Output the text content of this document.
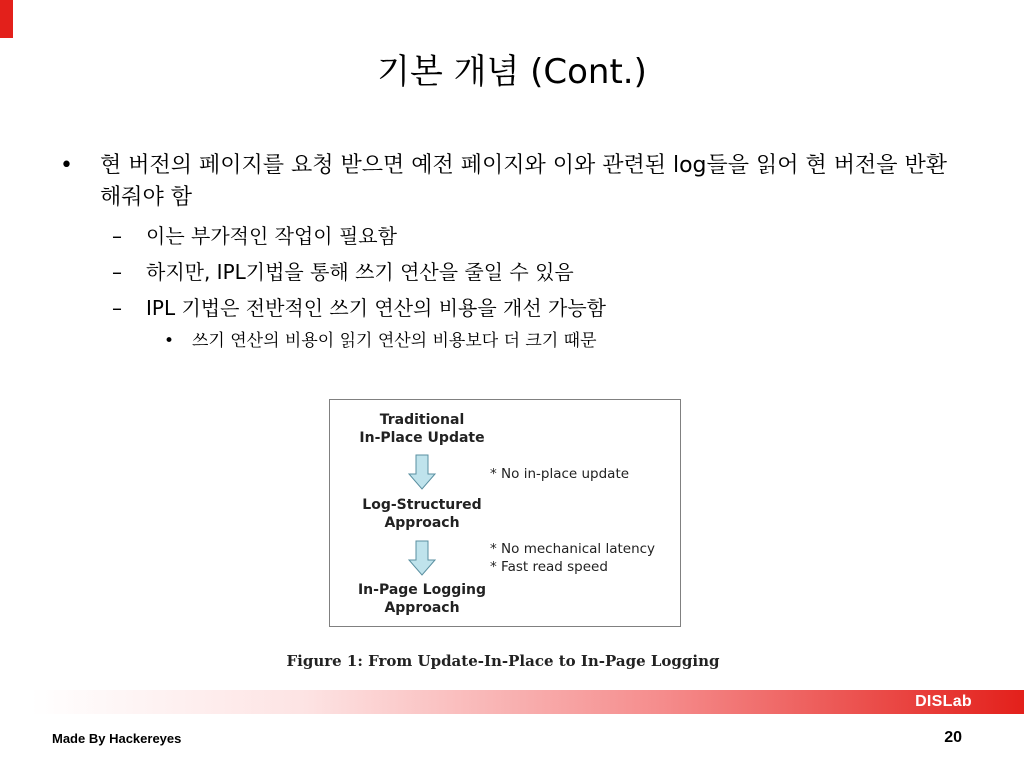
기본 개념 (Cont.)
• 현 버전의 페이지를 요청 받으면 예전 페이지와 이와 관련된 log들을 읽어 현 버전을 반환해줘야 함
– 이는 부가적인 작업이 필요함
– 하지만, IPL기법을 통해 쓰기 연산을 줄일 수 있음
– IPL 기법은 전반적인 쓰기 연산의 비용을 개선 가능함
• 쓰기 연산의 비용이 읽기 연산의 비용보다 더 크기 때문
Traditional
In-Place Update
* No in-place update
Log-Structured
Approach
* No mechanical latency
* Fast read speed
In-Page Logging
Approach
Figure 1: From Update-In-Place to In-Page Logging
DISLab
Made By Hackereyes	20
